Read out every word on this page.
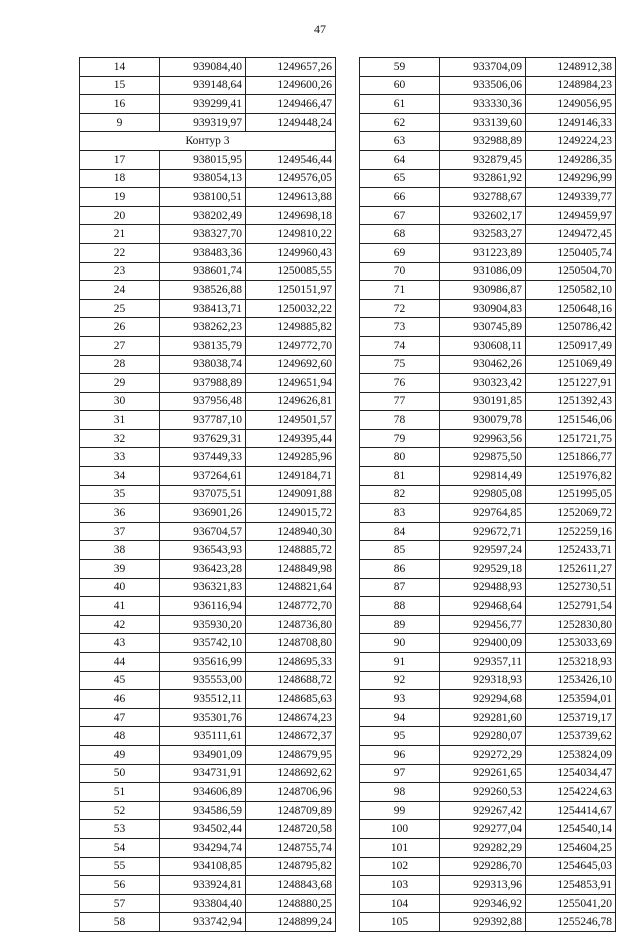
47
14	939084,40	1249657,26
15	939148,64	1249600,26
16	939299,41	1249466,47
9	939319,97	1249448,24
Контур 3		
17	938015,95	1249546,44
18	938054,13	1249576,05
19	938100,51	1249613,88
20	938202,49	1249698,18
21	938327,70	1249810,22
22	938483,36	1249960,43
23	938601,74	1250085,55
24	938526,88	1250151,97
25	938413,71	1250032,22
26	938262,23	1249885,82
27	938135,79	1249772,70
28	938038,74	1249692,60
29	937988,89	1249651,94
30	937956,48	1249626,81
31	937787,10	1249501,57
32	937629,31	1249395,44
33	937449,33	1249285,96
34	937264,61	1249184,71
35	937075,51	1249091,88
36	936901,26	1249015,72
37	936704,57	1248940,30
38	936543,93	1248885,72
39	936423,28	1248849,98
40	936321,83	1248821,64
41	936116,94	1248772,70
42	935930,20	1248736,80
43	935742,10	1248708,80
44	935616,99	1248695,33
45	935553,00	1248688,72
46	935512,11	1248685,63
47	935301,76	1248674,23
48	935111,61	1248672,37
49	934901,09	1248679,95
50	934731,91	1248692,62
51	934606,89	1248706,96
52	934586,59	1248709,89
53	934502,44	1248720,58
54	934294,74	1248755,74
55	934108,85	1248795,82
56	933924,81	1248843,68
57	933804,40	1248880,25
58	933742,94	1248899,24
59	933704,09	1248912,38
60	933506,06	1248984,23
61	933330,36	1249056,95
62	933139,60	1249146,33
63	932988,89	1249224,23
64	932879,45	1249286,35
65	932861,92	1249296,99
66	932788,67	1249339,77
67	932602,17	1249459,97
68	932583,27	1249472,45
69	931223,89	1250405,74
70	931086,09	1250504,70
71	930986,87	1250582,10
72	930904,83	1250648,16
73	930745,89	1250786,42
74	930608,11	1250917,49
75	930462,26	1251069,49
76	930323,42	1251227,91
77	930191,85	1251392,43
78	930079,78	1251546,06
79	929963,56	1251721,75
80	929875,50	1251866,77
81	929814,49	1251976,82
82	929805,08	1251995,05
83	929764,85	1252069,72
84	929672,71	1252259,16
85	929597,24	1252433,71
86	929529,18	1252611,27
87	929488,93	1252730,51
88	929468,64	1252791,54
89	929456,77	1252830,80
90	929400,09	1253033,69
91	929357,11	1253218,93
92	929318,93	1253426,10
93	929294,68	1253594,01
94	929281,60	1253719,17
95	929280,07	1253739,62
96	929272,29	1253824,09
97	929261,65	1254034,47
98	929260,53	1254224,63
99	929267,42	1254414,67
100	929277,04	1254540,14
101	929282,29	1254604,25
102	929286,70	1254645,03
103	929313,96	1254853,91
104	929346,92	1255041,20
105	929392,88	1255246,78
